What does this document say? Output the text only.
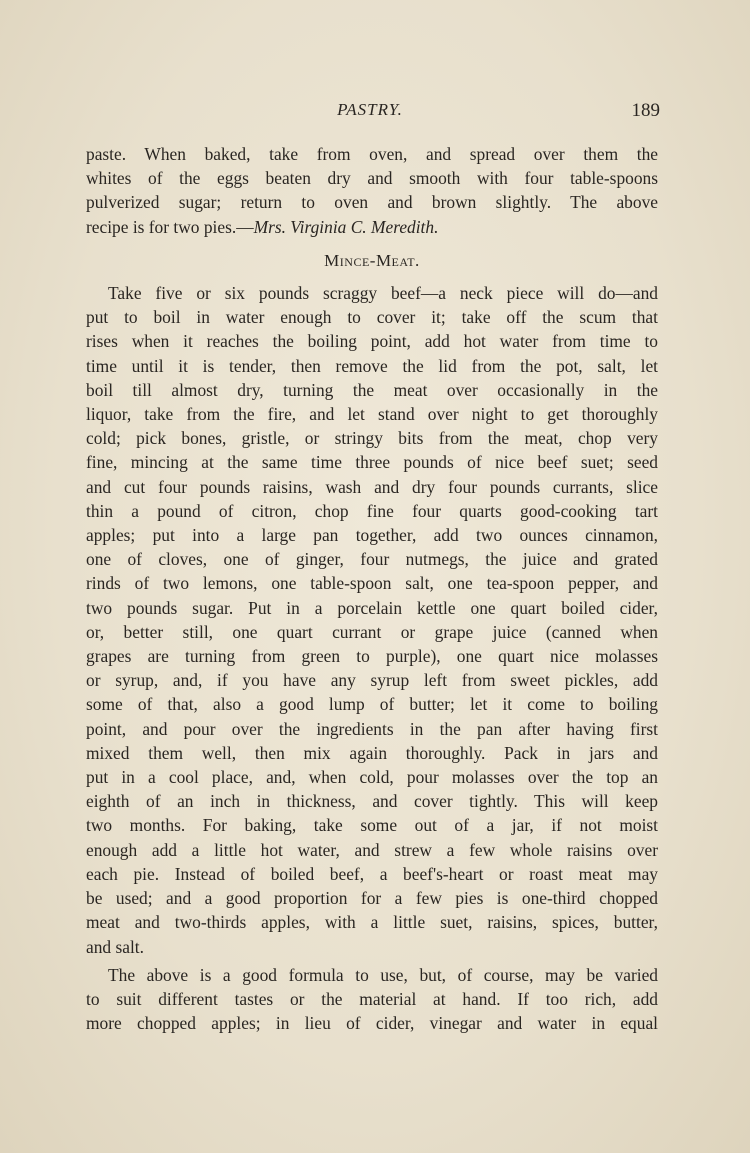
PASTRY.	189

paste. When baked, take from oven, and spread over them the
whites of the eggs beaten dry and smooth with four table-spoons
pulverized sugar; return to oven and brown slightly. The above
recipe is for two pies.—Mrs. Virginia C. Meredith.

Mince-Meat.

Take five or six pounds scraggy beef—a neck piece will do—and
put to boil in water enough to cover it; take off the scum that
rises when it reaches the boiling point, add hot water from time to
time until it is tender, then remove the lid from the pot, salt, let
boil till almost dry, turning the meat over occasionally in the
liquor, take from the fire, and let stand over night to get thoroughly
cold; pick bones, gristle, or stringy bits from the meat, chop very
fine, mincing at the same time three pounds of nice beef suet; seed
and cut four pounds raisins, wash and dry four pounds currants, slice
thin a pound of citron, chop fine four quarts good-cooking tart
apples; put into a large pan together, add two ounces cinnamon,
one of cloves, one of ginger, four nutmegs, the juice and grated
rinds of two lemons, one table-spoon salt, one tea-spoon pepper, and
two pounds sugar. Put in a porcelain kettle one quart boiled cider,
or, better still, one quart currant or grape juice (canned when
grapes are turning from green to purple), one quart nice molasses
or syrup, and, if you have any syrup left from sweet pickles, add
some of that, also a good lump of butter; let it come to boiling
point, and pour over the ingredients in the pan after having first
mixed them well, then mix again thoroughly. Pack in jars and
put in a cool place, and, when cold, pour molasses over the top an
eighth of an inch in thickness, and cover tightly. This will keep
two months. For baking, take some out of a jar, if not moist
enough add a little hot water, and strew a few whole raisins over
each pie. Instead of boiled beef, a beef's-heart or roast meat may
be used; and a good proportion for a few pies is one-third chopped
meat and two-thirds apples, with a little suet, raisins, spices, butter,
and salt.

The above is a good formula to use, but, of course, may be varied
to suit different tastes or the material at hand. If too rich, add
more chopped apples; in lieu of cider, vinegar and water in equal
